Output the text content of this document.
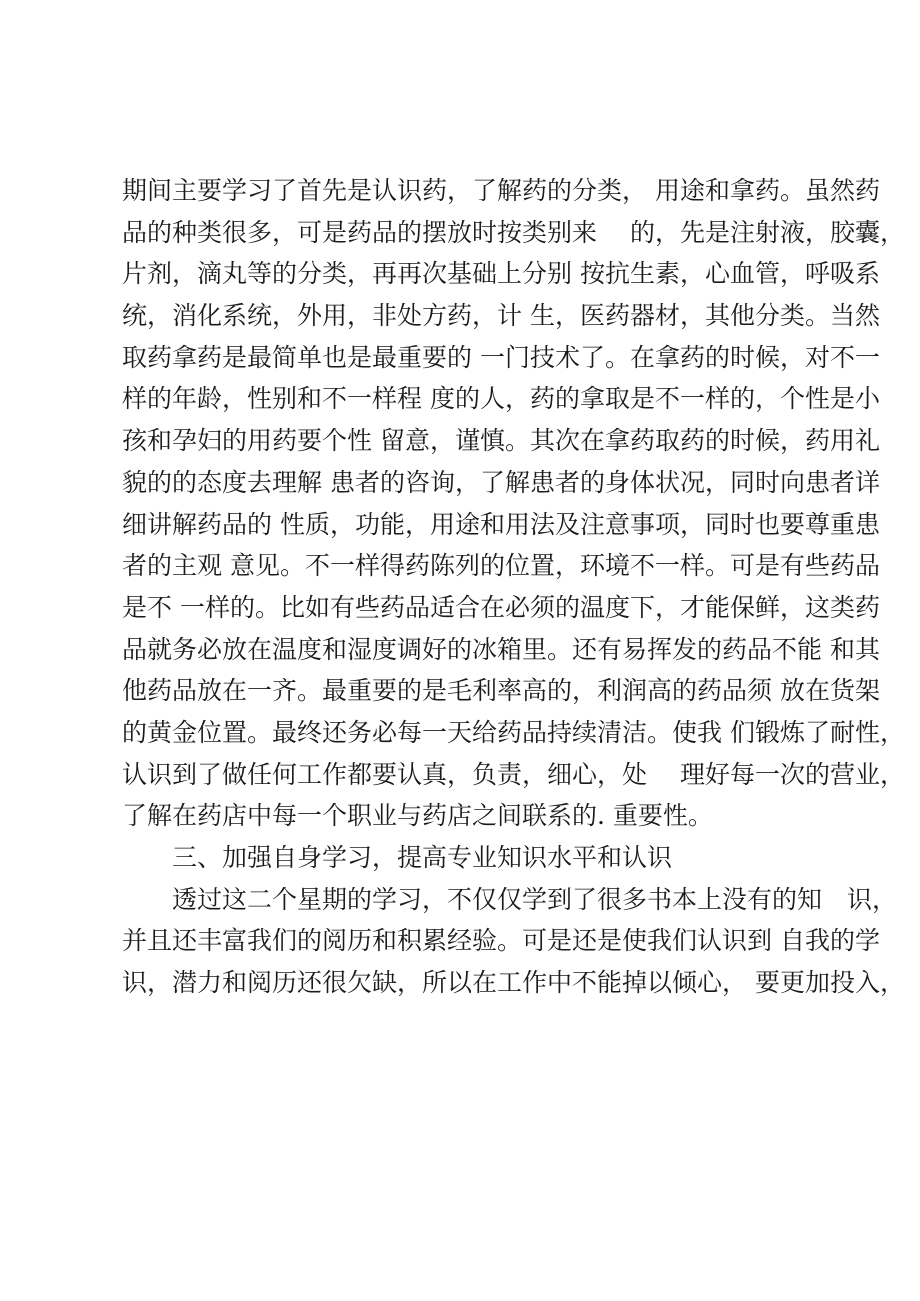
期间主要学习了首先是认识药，了解药的分类， 用途和拿药。虽然药
品的种类很多，可是药品的摆放时按类别来　 的，先是注射液，胶囊，
片剂，滴丸等的分类，再再次基础上分别 按抗生素，心血管，呼吸系
统，消化系统，外用，非处方药，计 生，医药器材，其他分类。当然
取药拿药是最简单也是最重要的 一门技术了。在拿药的时候，对不一
样的年龄，性别和不一样程 度的人，药的拿取是不一样的，个性是小
孩和孕妇的用药要个性 留意，谨慎。其次在拿药取药的时候，药用礼
貌的的态度去理解 患者的咨询，了解患者的身体状况，同时向患者详
细讲解药品的 性质，功能，用途和用法及注意事项，同时也要尊重患
者的主观 意见。不一样得药陈列的位置，环境不一样。可是有些药品
是不 一样的。比如有些药品适合在必须的温度下，才能保鲜，这类药
品就务必放在温度和湿度调好的冰箱里。还有易挥发的药品不能 和其
他药品放在一齐。最重要的是毛利率高的，利润高的药品须 放在货架
的黄金位置。最终还务必每一天给药品持续清洁。使我 们锻炼了耐性，
认识到了做任何工作都要认真，负责，细心，处　 理好每一次的营业，
了解在药店中每一个职业与药店之间联系的. 重要性。
三、加强自身学习，提高专业知识水平和认识
透过这二个星期的学习，不仅仅学到了很多书本上没有的知　识，
并且还丰富我们的阅历和积累经验。可是还是使我们认识到 自我的学
识，潜力和阅历还很欠缺，所以在工作中不能掉以倾心， 要更加投入，
